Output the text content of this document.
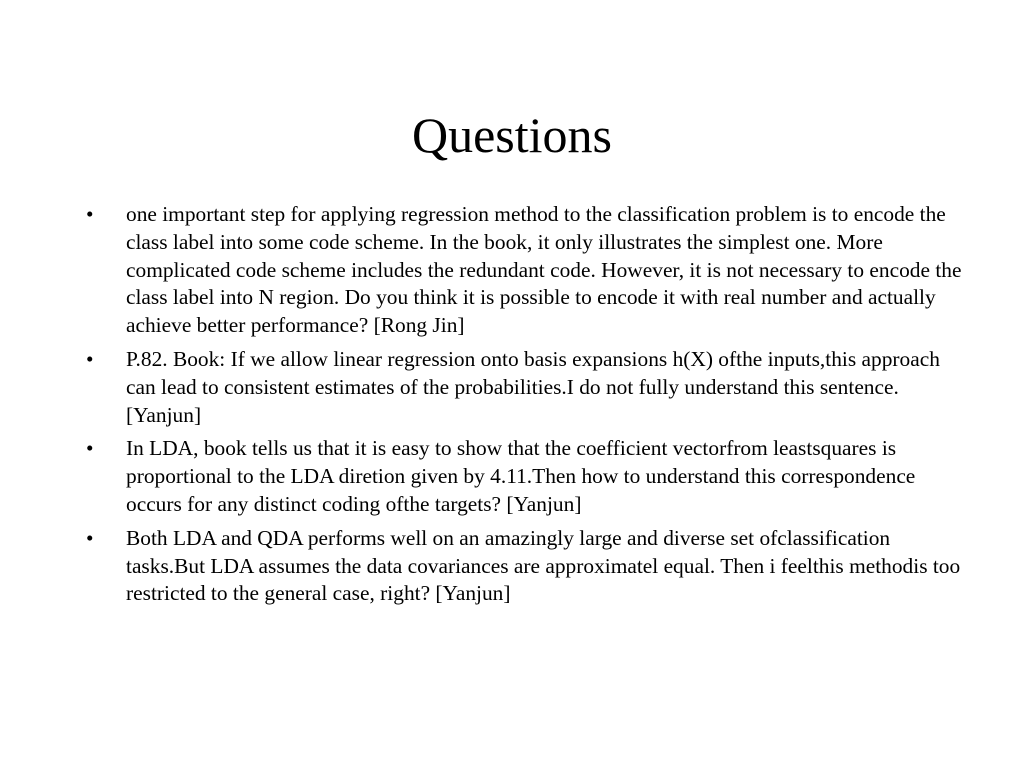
Questions
•	one important step for applying regression method to the classification problem is to encode the class label into some code scheme. In the book, it only illustrates the simplest one. More complicated code scheme includes the redundant code. However, it is not necessary to encode the class label into N region. Do you think it is possible to encode it with real number and actually achieve better performance? [Rong Jin]
•	P.82. Book: If we allow linear regression onto basis expansions h(X) ofthe inputs,this approach can lead to consistent estimates of the probabilities.I do not fully understand this sentence. [Yanjun]
•	In LDA, book tells us that it is easy to show that the coefficient vectorfrom leastsquares is proportional to the LDA diretion given by 4.11.Then how to understand this correspondence occurs for any distinct coding ofthe targets? [Yanjun]
•	Both LDA and QDA performs well on an amazingly large and diverse set ofclassification tasks.But LDA assumes the data covariances are approximatel equal. Then i feelthis methodis too restricted to the general case, right? [Yanjun]
